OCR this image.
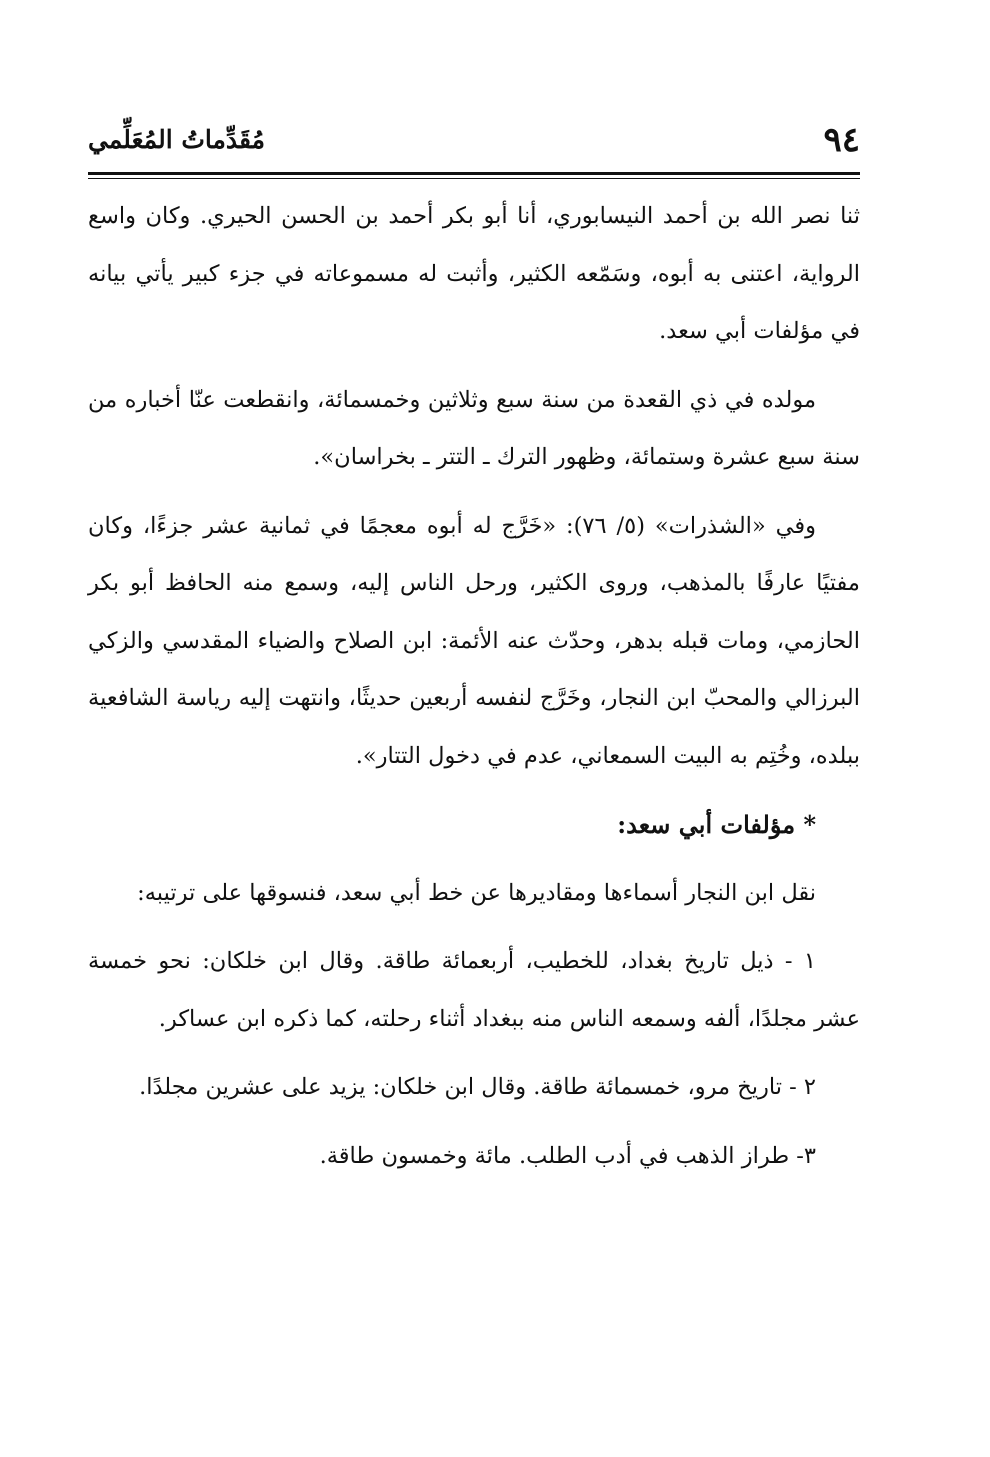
٩٤
مُقَدِّماتُ المُعَلِّمي

ثنا نصر الله بن أحمد النيسابوري، أنا أبو بكر أحمد بن الحسن الحيري. وكان واسع الرواية، اعتنى به أبوه، وسَمّعه الكثير، وأثبت له مسموعاته في جزء كبير يأتي بيانه في مؤلفات أبي سعد.

مولده في ذي القعدة من سنة سبع وثلاثين وخمسمائة، وانقطعت عنّا أخباره من سنة سبع عشرة وستمائة، وظهور الترك ـ التتر ـ بخراسان».

وفي «الشذرات» (٥/ ٧٦): «خَرَّج له أبوه معجمًا في ثمانية عشر جزءًا، وكان مفتيًا عارفًا بالمذهب، وروى الكثير، ورحل الناس إليه، وسمع منه الحافظ أبو بكر الحازمي، ومات قبله بدهر، وحدّث عنه الأئمة: ابن الصلاح والضياء المقدسي والزكي البرزالي والمحبّ ابن النجار، وخَرَّج لنفسه أربعين حديثًا، وانتهت إليه رياسة الشافعية ببلده، وخُتِم به البيت السمعاني، عدم في دخول التتار».

* مؤلفات أبي سعد:

نقل ابن النجار أسماءها ومقاديرها عن خط أبي سعد، فنسوقها على ترتيبه:

١ - ذيل تاريخ بغداد، للخطيب، أربعمائة طاقة. وقال ابن خلكان: نحو خمسة عشر مجلدًا، ألفه وسمعه الناس منه ببغداد أثناء رحلته، كما ذكره ابن عساكر.

٢ - تاريخ مرو، خمسمائة طاقة. وقال ابن خلكان: يزيد على عشرين مجلدًا.

٣- طراز الذهب في أدب الطلب. مائة وخمسون طاقة.
